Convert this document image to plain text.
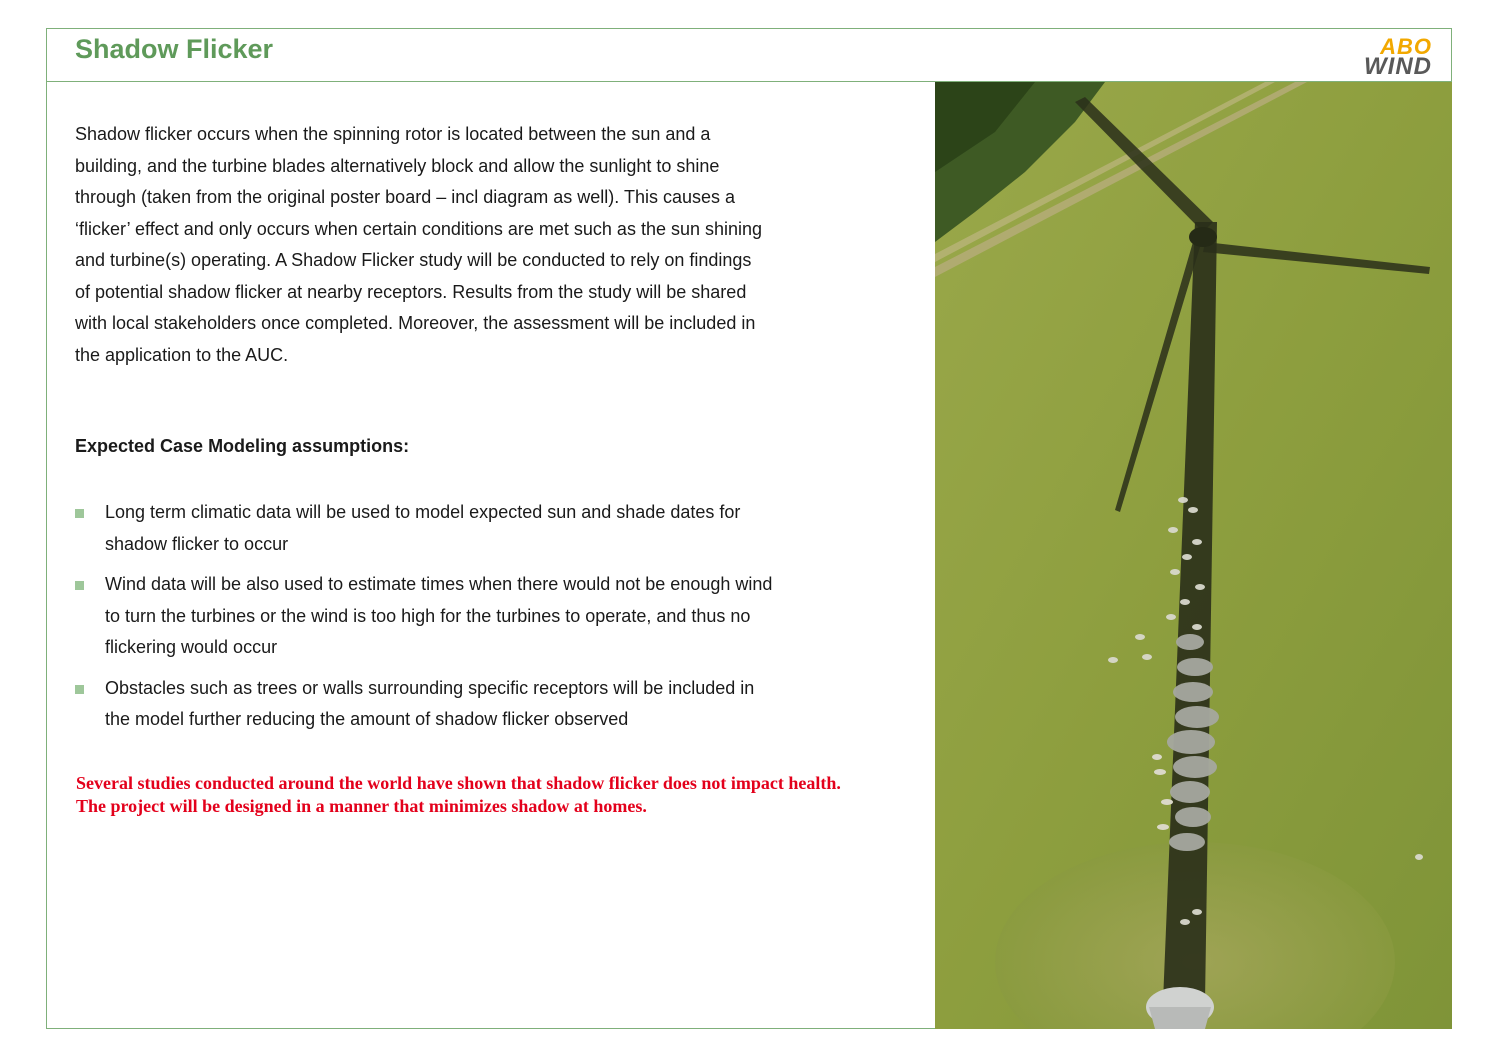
Shadow Flicker	ABO
WIND
Shadow flicker occurs when the spinning rotor is located between the sun and a building, and the turbine blades alternatively block and allow the sunlight to shine through (taken from the original poster board – incl diagram as well). This causes a ‘flicker’ effect and only occurs when certain conditions are met such as the sun shining and turbine(s) operating. A Shadow Flicker study will be conducted to rely on findings of potential shadow flicker at nearby receptors. Results from the study will be shared with local stakeholders once completed. Moreover, the assessment will be included in the application to the AUC.
Expected Case Modeling assumptions:
Long term climatic data will be used to model expected sun and shade dates for shadow flicker to occur
Wind data will be also used to estimate times when there would not be enough wind to turn the turbines or the wind is too high for the turbines to operate, and thus no flickering would occur
Obstacles such as trees or walls surrounding specific receptors will be included in the model further reducing the amount of shadow flicker observed
Several studies conducted around the world have shown that shadow flicker does not impact health.
The project will be designed in a manner that minimizes shadow at homes.
